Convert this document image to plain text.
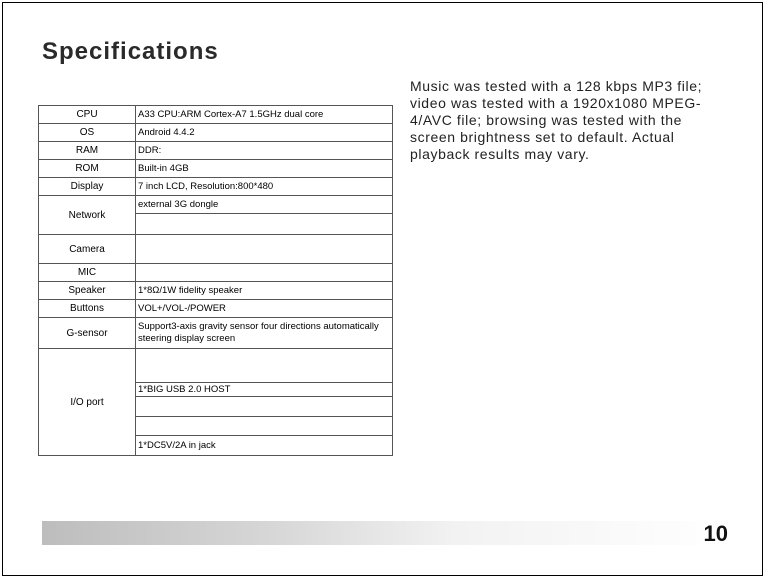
Specifications
Music was tested with a 128 kbps MP3 file; video was tested with a 1920x1080 MPEG-4/AVC file; browsing was tested with the screen brightness set to default. Actual playback results may vary.
CPU	A33 CPU:ARM Cortex-A7 1.5GHz dual core
OS	Android 4.4.2
RAM	DDR:
ROM	Built-in 4GB
Display	7 inch LCD, Resolution:800*480
Network	external 3G dongle

Camera	
MIC	
Speaker	1*8Ω/1W fidelity speaker
Buttons	VOL+/VOL-/POWER
G-sensor	Support3-axis gravity sensor four directions automatically steering display screen
I/O port	
	1*BIG USB 2.0 HOST

	1*DC5V/2A in jack
10
